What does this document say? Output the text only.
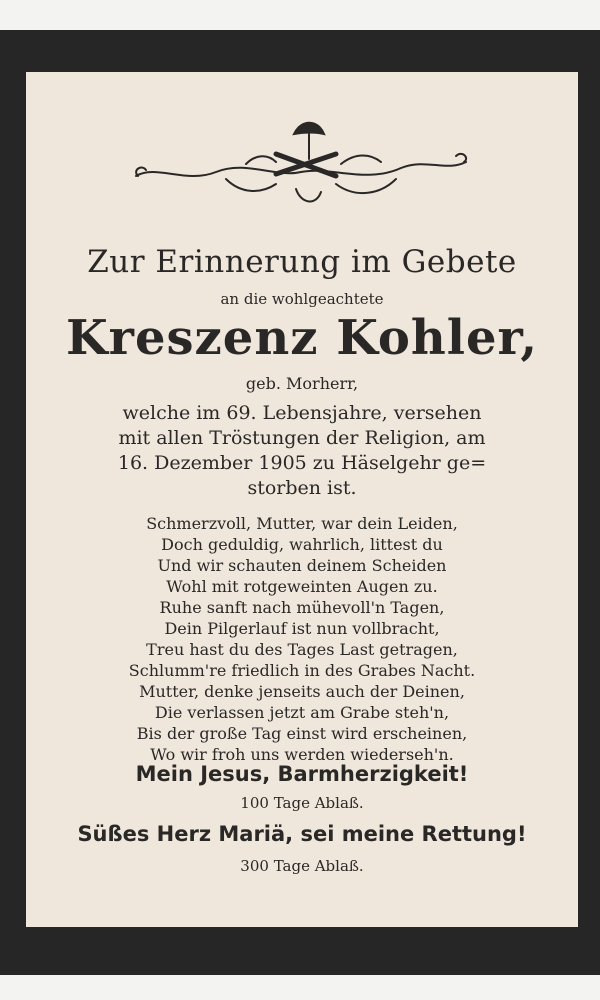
Zur Erinnerung im Gebete
an die wohlgeachtete
Kreszenz Kohler,
geb. Morherr,
welche im 69. Lebensjahre, versehen
mit allen Tröstungen der Religion, am
16. Dezember 1905 zu Häselgehr ge=
storben ist.
Schmerzvoll, Mutter, war dein Leiden,
Doch geduldig, wahrlich, littest du
Und wir schauten deinem Scheiden
Wohl mit rotgeweinten Augen zu.
Ruhe sanft nach mühevoll'n Tagen,
Dein Pilgerlauf ist nun vollbracht,
Treu hast du des Tages Last getragen,
Schlumm're friedlich in des Grabes Nacht.
Mutter, denke jenseits auch der Deinen,
Die verlassen jetzt am Grabe steh'n,
Bis der große Tag einst wird erscheinen,
Wo wir froh uns werden wiederseh'n.
Mein Jesus, Barmherzigkeit!
100 Tage Ablaß.
Süßes Herz Mariä, sei meine Rettung!
300 Tage Ablaß.
